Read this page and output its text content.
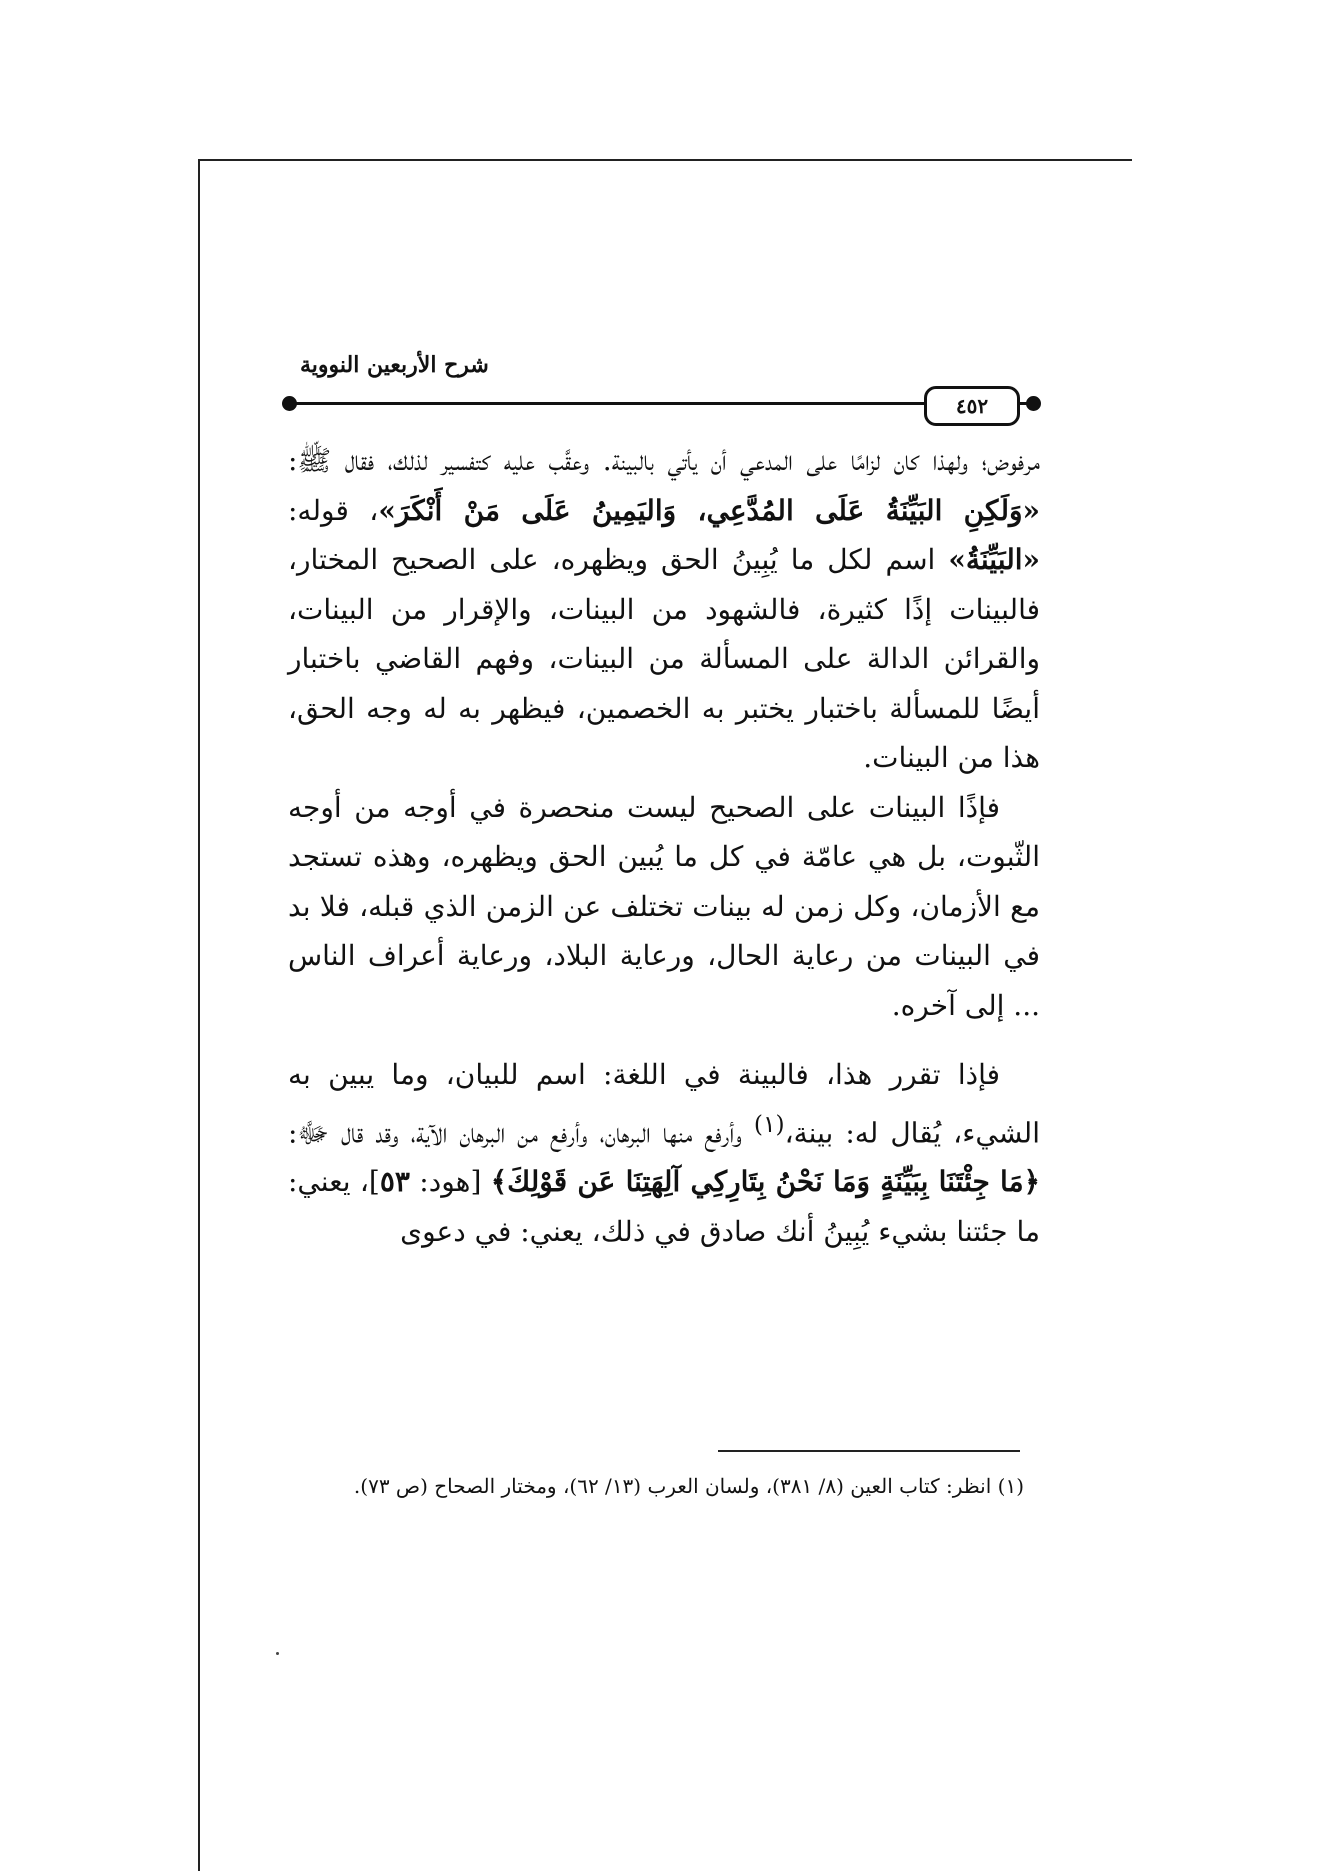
شرح الأربعين النووية
٤٥٢

مرفوض؛ ولهذا كان لزامًا على المدعي أن يأتي بالبينة. وعقَّب عليه كتفسير لذلك، فقال ﷺ: «وَلَكِنِ البَيِّنَةُ عَلَى المُدَّعِي، وَاليَمِينُ عَلَى مَنْ أَنْكَرَ»، قوله: «البَيِّنَةُ» اسم لكل ما يُبِينُ الحق ويظهره، على الصحيح المختار، فالبينات إذًا كثيرة، فالشهود من البينات، والإقرار من البينات، والقرائن الدالة على المسألة من البينات، وفهم القاضي باختبار أيضًا للمسألة باختبار يختبر به الخصمين، فيظهر به له وجه الحق، هذا من البينات.

فإذًا البينات على الصحيح ليست منحصرة في أوجه من أوجه الثّبوت، بل هي عامّة في كل ما يُبين الحق ويظهره، وهذه تستجد مع الأزمان، وكل زمن له بينات تختلف عن الزمن الذي قبله، فلا بد في البينات من رعاية الحال، ورعاية البلاد، ورعاية أعراف الناس ... إلى آخره.

فإذا تقرر هذا، فالبينة في اللغة: اسم للبيان، وما يبين به الشيء، يُقال له: بينة،$^{(١)}$ وأرفع منها البرهان، وأرفع من البرهان الآية، وقد قال ﷻ: ﴿مَا جِئْتَنَا بِبَيِّنَةٍ وَمَا نَحْنُ بِتَارِكِي آلِهَتِنَا عَن قَوْلِكَ﴾ [هود: ٥٣]، يعني: ما جئتنا بشيء يُبِينُ أنك صادق في ذلك، يعني: في دعوى

(١) انظر: كتاب العين (٨/ ٣٨١)، ولسان العرب (١٣/ ٦٢)، ومختار الصحاح (ص ٧٣).
